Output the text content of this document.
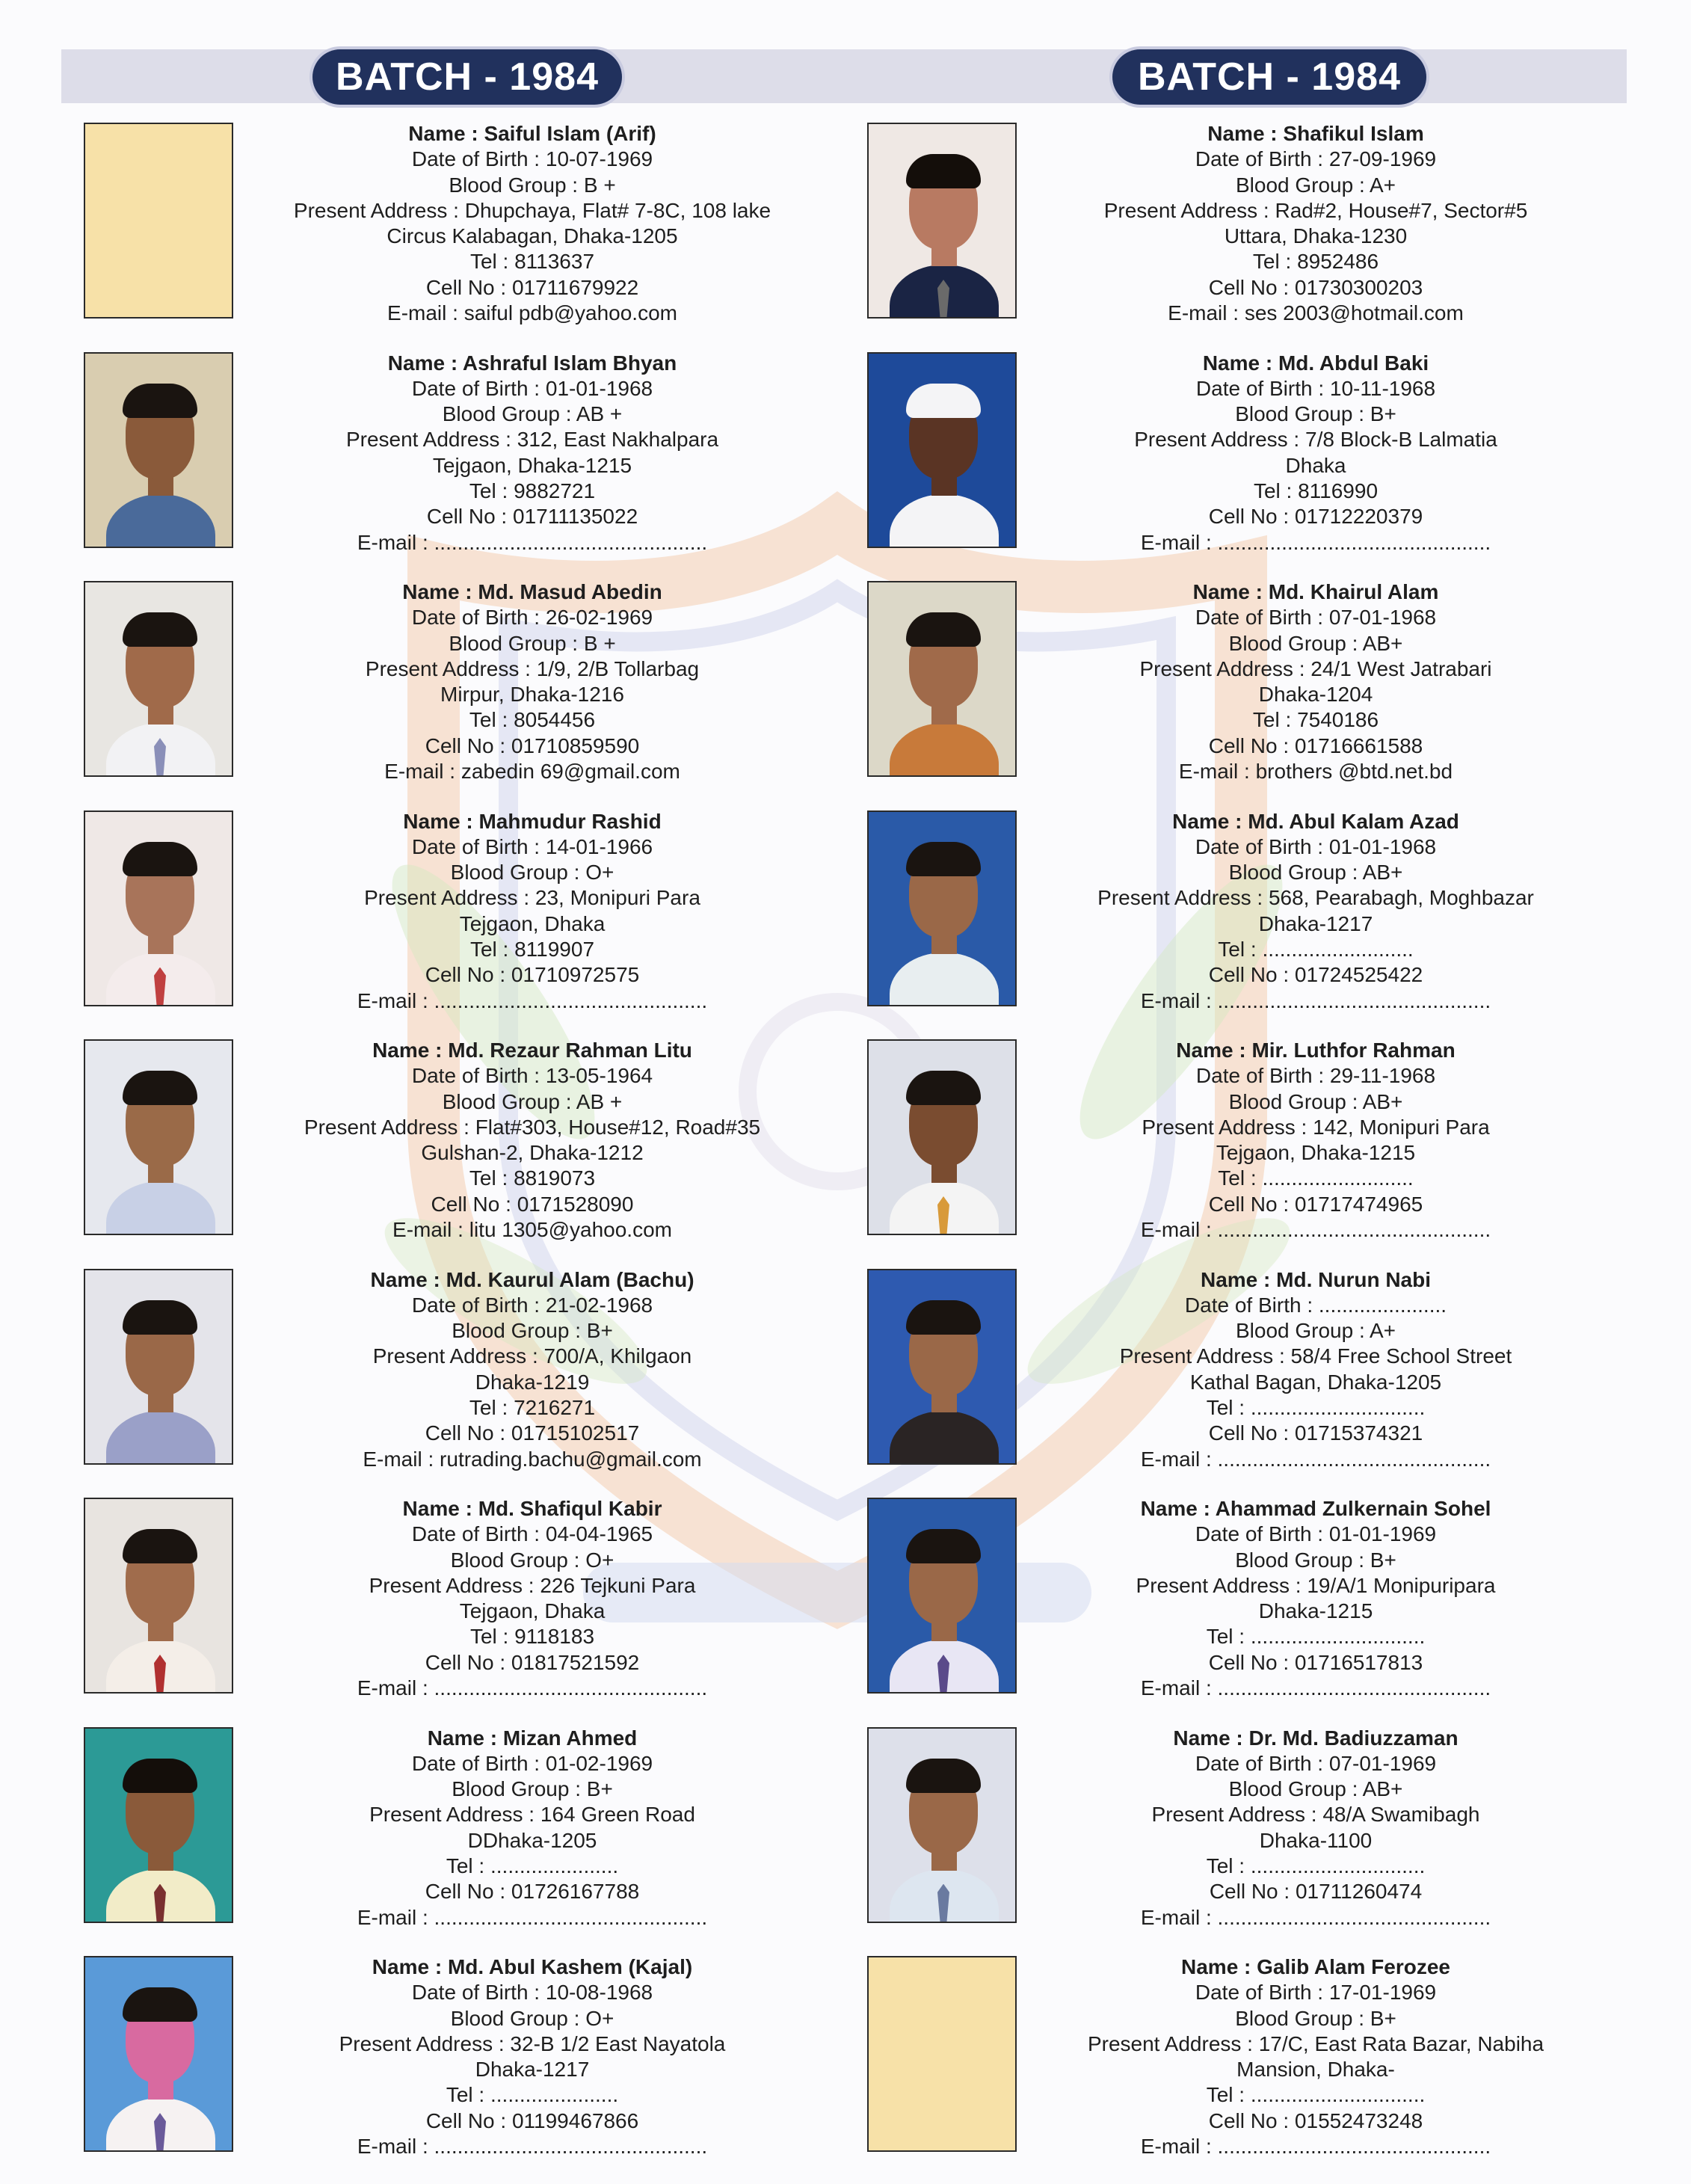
BATCH - 1984	BATCH - 1984
Name : Saiful Islam (Arif)
Date of Birth : 10-07-1969
Blood Group : B +
Present Address : Dhupchaya, Flat# 7-8C, 108 lake
Circus Kalabagan, Dhaka-1205
Tel : 8113637
Cell No : 01711679922
E-mail : saiful pdb@yahoo.com
Name : Ashraful Islam Bhyan
Date of Birth : 01-01-1968
Blood Group : AB +
Present Address : 312, East Nakhalpara
Tejgaon, Dhaka-1215
Tel : 9882721
Cell No : 01711135022
E-mail : ...............................................
Name : Md. Masud Abedin
Date of Birth : 26-02-1969
Blood Group : B +
Present Address : 1/9, 2/B Tollarbag
Mirpur, Dhaka-1216
Tel : 8054456
Cell No : 01710859590
E-mail : zabedin 69@gmail.com
Name : Mahmudur Rashid
Date of Birth : 14-01-1966
Blood Group : O+
Present Address : 23, Monipuri Para
Tejgaon, Dhaka
Tel : 8119907
Cell No : 01710972575
E-mail : ...............................................
Name : Md. Rezaur Rahman Litu
Date of Birth : 13-05-1964
Blood Group : AB +
Present Address : Flat#303, House#12, Road#35
Gulshan-2, Dhaka-1212
Tel : 8819073
Cell No : 0171528090
E-mail : litu 1305@yahoo.com
Name : Md. Kaurul Alam (Bachu)
Date of Birth : 21-02-1968
Blood Group : B+
Present Address : 700/A, Khilgaon
Dhaka-1219
Tel : 7216271
Cell No : 01715102517
E-mail : rutrading.bachu@gmail.com
Name : Md. Shafiqul Kabir
Date of Birth : 04-04-1965
Blood Group : O+
Present Address : 226 Tejkuni Para
Tejgaon, Dhaka
Tel : 9118183
Cell No : 01817521592
E-mail : ...............................................
Name : Mizan Ahmed
Date of Birth : 01-02-1969
Blood Group : B+
Present Address : 164 Green Road
DDhaka-1205
Tel : ......................
Cell No : 01726167788
E-mail : ...............................................
Name : Md. Abul Kashem (Kajal)
Date of Birth : 10-08-1968
Blood Group : O+
Present Address : 32-B 1/2 East Nayatola
Dhaka-1217
Tel : ......................
Cell No : 01199467866
E-mail : ...............................................
Name : Shafikul Islam
Date of Birth : 27-09-1969
Blood Group : A+
Present Address : Rad#2, House#7, Sector#5
Uttara, Dhaka-1230
Tel : 8952486
Cell No : 01730300203
E-mail : ses 2003@hotmail.com
Name : Md. Abdul Baki
Date of Birth : 10-11-1968
Blood Group : B+
Present Address : 7/8 Block-B Lalmatia
Dhaka
Tel : 8116990
Cell No : 01712220379
E-mail : ...............................................
Name : Md. Khairul Alam
Date of Birth : 07-01-1968
Blood Group : AB+
Present Address : 24/1 West Jatrabari
Dhaka-1204
Tel : 7540186
Cell No : 01716661588
E-mail : brothers @btd.net.bd
Name : Md. Abul Kalam Azad
Date of Birth : 01-01-1968
Blood Group : AB+
Present Address : 568, Pearabagh, Moghbazar
Dhaka-1217
Tel : ..........................
Cell No : 01724525422
E-mail : ...............................................
Name : Mir. Luthfor Rahman
Date of Birth : 29-11-1968
Blood Group : AB+
Present Address : 142, Monipuri Para
Tejgaon, Dhaka-1215
Tel : ..........................
Cell No : 01717474965
E-mail : ...............................................
Name : Md. Nurun Nabi
Date of Birth : ......................
Blood Group : A+
Present Address : 58/4 Free School Street
Kathal Bagan, Dhaka-1205
Tel : ..............................
Cell No : 01715374321
E-mail : ...............................................
Name : Ahammad Zulkernain Sohel
Date of Birth : 01-01-1969
Blood Group : B+
Present Address : 19/A/1 Monipuripara
Dhaka-1215
Tel : ..............................
Cell No : 01716517813
E-mail : ...............................................
Name : Dr. Md. Badiuzzaman
Date of Birth : 07-01-1969
Blood Group : AB+
Present Address : 48/A Swamibagh
Dhaka-1100
Tel : ..............................
Cell No : 01711260474
E-mail : ...............................................
Name : Galib Alam Ferozee
Date of Birth : 17-01-1969
Blood Group : B+
Present Address : 17/C, East Rata Bazar, Nabiha
Mansion, Dhaka-
Tel : ..............................
Cell No : 01552473248
E-mail : ...............................................
